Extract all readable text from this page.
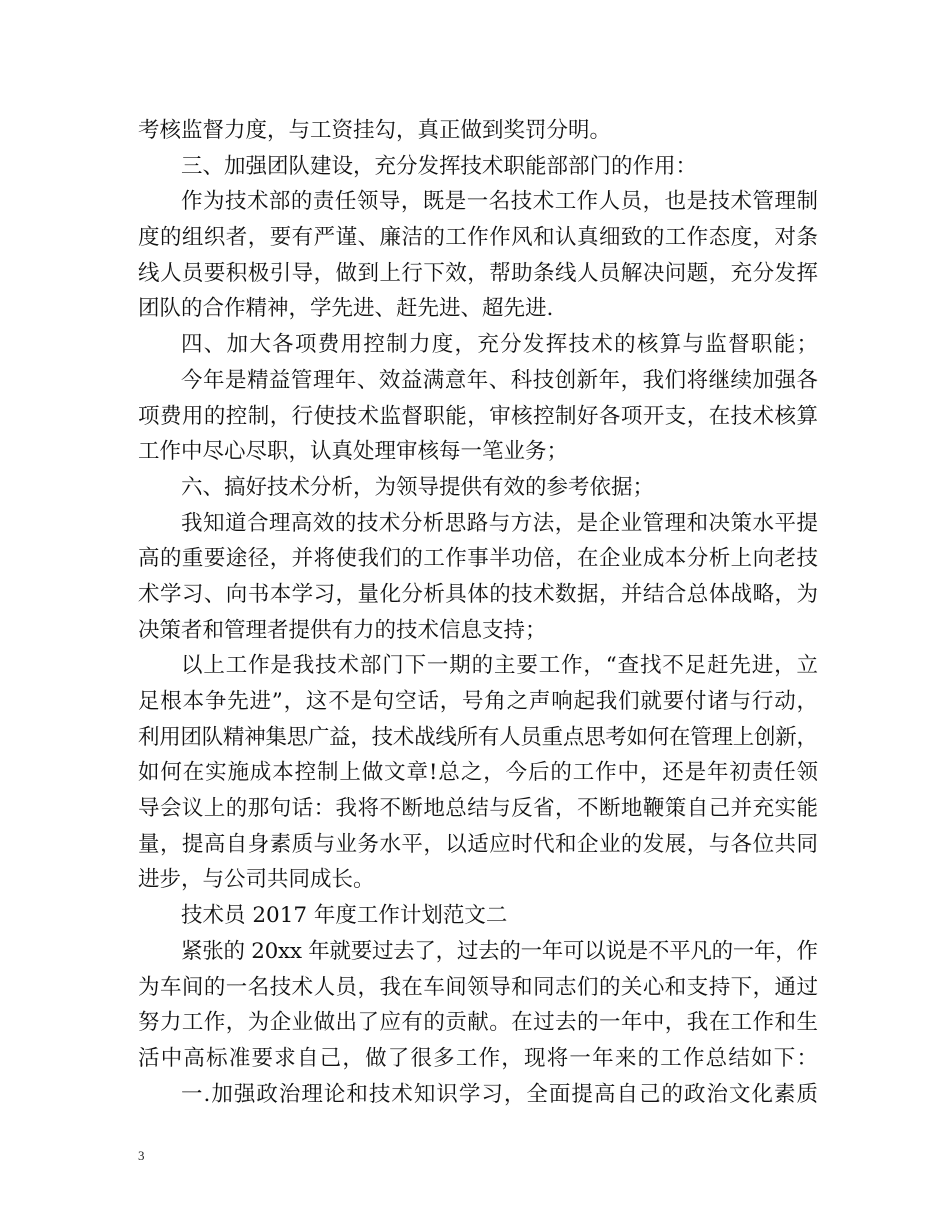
考核监督力度，与工资挂勾，真正做到奖罚分明。
三、加强团队建设，充分发挥技术职能部部门的作用：
作为技术部的责任领导，既是一名技术工作人员，也是技术管理制
度的组织者，要有严谨、廉洁的工作作风和认真细致的工作态度，对条
线人员要积极引导，做到上行下效，帮助条线人员解决问题，充分发挥
团队的合作精神，学先进、赶先进、超先进.
四、加大各项费用控制力度，充分发挥技术的核算与监督职能；
今年是精益管理年、效益满意年、科技创新年，我们将继续加强各
项费用的控制，行使技术监督职能，审核控制好各项开支，在技术核算
工作中尽心尽职，认真处理审核每一笔业务；
六、搞好技术分析，为领导提供有效的参考依据；
我知道合理高效的技术分析思路与方法，是企业管理和决策水平提
高的重要途径，并将使我们的工作事半功倍，在企业成本分析上向老技
术学习、向书本学习，量化分析具体的技术数据，并结合总体战略，为
决策者和管理者提供有力的技术信息支持；
以上工作是我技术部门下一期的主要工作，“查找不足赶先进，立
足根本争先进”，这不是句空话，号角之声响起我们就要付诸与行动，
利用团队精神集思广益，技术战线所有人员重点思考如何在管理上创新，
如何在实施成本控制上做文章!总之，今后的工作中，还是年初责任领
导会议上的那句话：我将不断地总结与反省，不断地鞭策自己并充实能
量，提高自身素质与业务水平，以适应时代和企业的发展，与各位共同
进步，与公司共同成长。
技术员 2017 年度工作计划范文二
紧张的 20xx 年就要过去了，过去的一年可以说是不平凡的一年，作
为车间的一名技术人员，我在车间领导和同志们的关心和支持下，通过
努力工作，为企业做出了应有的贡献。在过去的一年中，我在工作和生
活中高标准要求自己，做了很多工作，现将一年来的工作总结如下：
一.加强政治理论和技术知识学习，全面提高自己的政治文化素质
3
